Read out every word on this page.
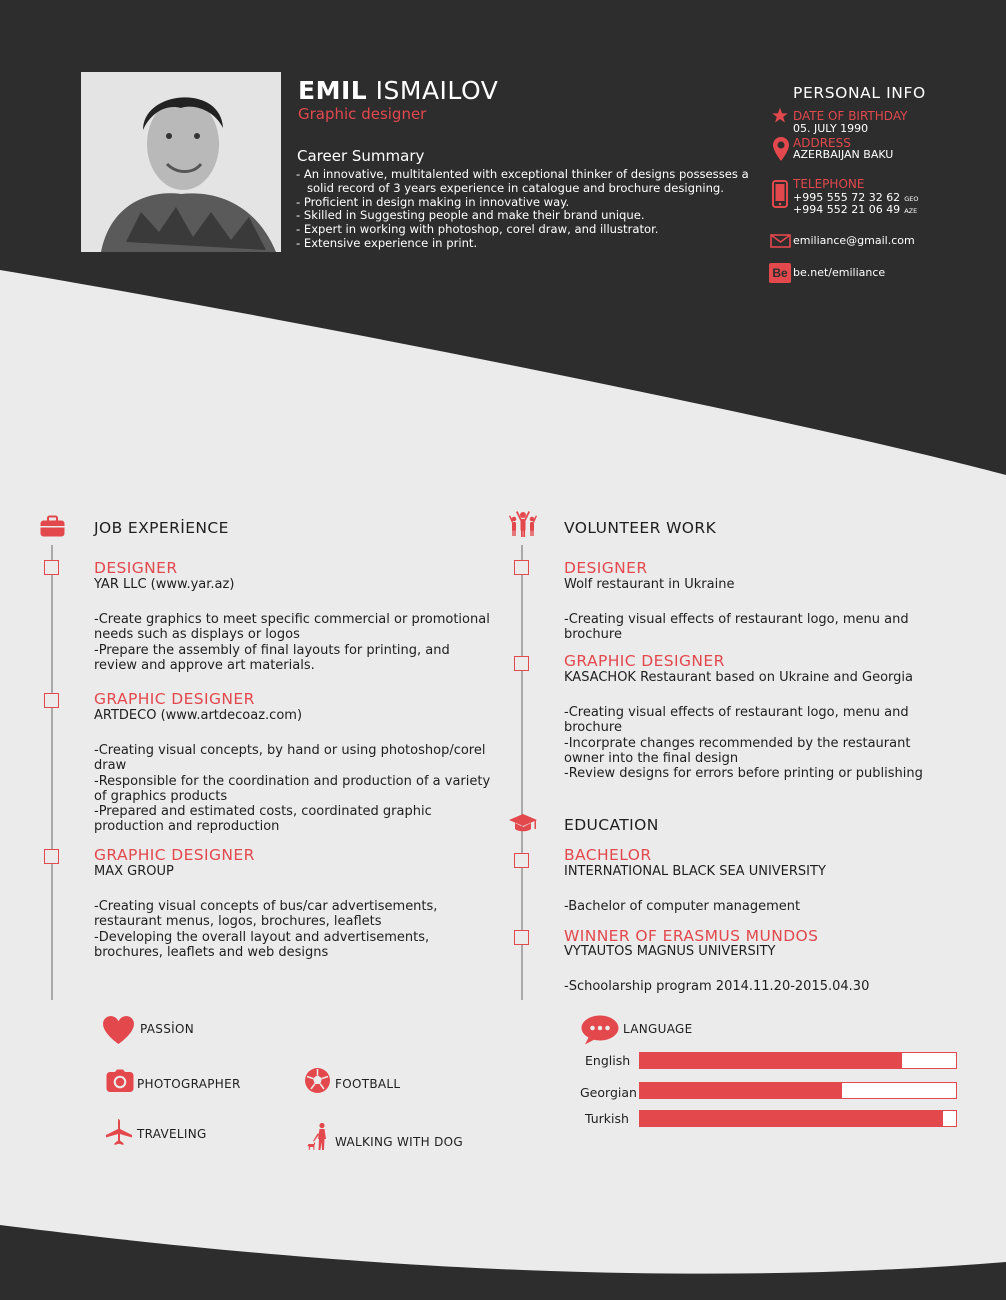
EMIL ISMAILOV
Graphic designer
Career Summary
- An innovative, multitalented with exceptional thinker of designs possesses a solid record of 3 years experience in catalogue and brochure designing.
- Proficient in design making in innovative way.
- Skilled in Suggesting people and make their brand unique.
- Expert in working with photoshop, corel draw, and illustrator.
- Extensive experience in print.
PERSONAL INFO
DATE OF BIRTHDAY
05. JULY 1990
ADDRESS
AZERBAIJAN BAKU
TELEPHONE
+995 555 72 32 62 GEO
+994 552 21 06 49 AZE
emiliance@gmail.com
Be be.net/emiliance
JOB EXPERİENCE
DESIGNER
YAR LLC (www.yar.az)
-Create graphics to meet specific commercial or promotional needs such as displays or logos
-Prepare the assembly of final layouts for printing, and review and approve art materials.
GRAPHIC DESIGNER
ARTDECO (www.artdecoaz.com)
-Creating visual concepts, by hand or using photoshop/corel draw
-Responsible for the coordination and production of a variety of graphics products
-Prepared and estimated costs, coordinated graphic production and reproduction
GRAPHIC DESIGNER
MAX GROUP
-Creating visual concepts of bus/car advertisements, restaurant menus, logos, brochures, leaflets
-Developing the overall layout and advertisements, brochures, leaflets and web designs
VOLUNTEER WORK
DESIGNER
Wolf restaurant in Ukraine
-Creating visual effects of restaurant logo, menu and brochure
GRAPHIC DESIGNER
KASACHOK Restaurant based on Ukraine and Georgia
-Creating visual effects of restaurant logo, menu and brochure
-Incorprate changes recommended by the restaurant owner into the final design
-Review designs for errors before printing or publishing
EDUCATION
BACHELOR
INTERNATIONAL BLACK SEA UNIVERSITY
-Bachelor of computer management
WINNER OF ERASMUS MUNDOS
VYTAUTOS MAGNUS UNIVERSITY
-Schoolarship program 2014.11.20-2015.04.30
PASSİON
PHOTOGRAPHER	FOOTBALL
TRAVELING
WALKING WITH DOG
LANGUAGE
English
Georgian
Turkish
